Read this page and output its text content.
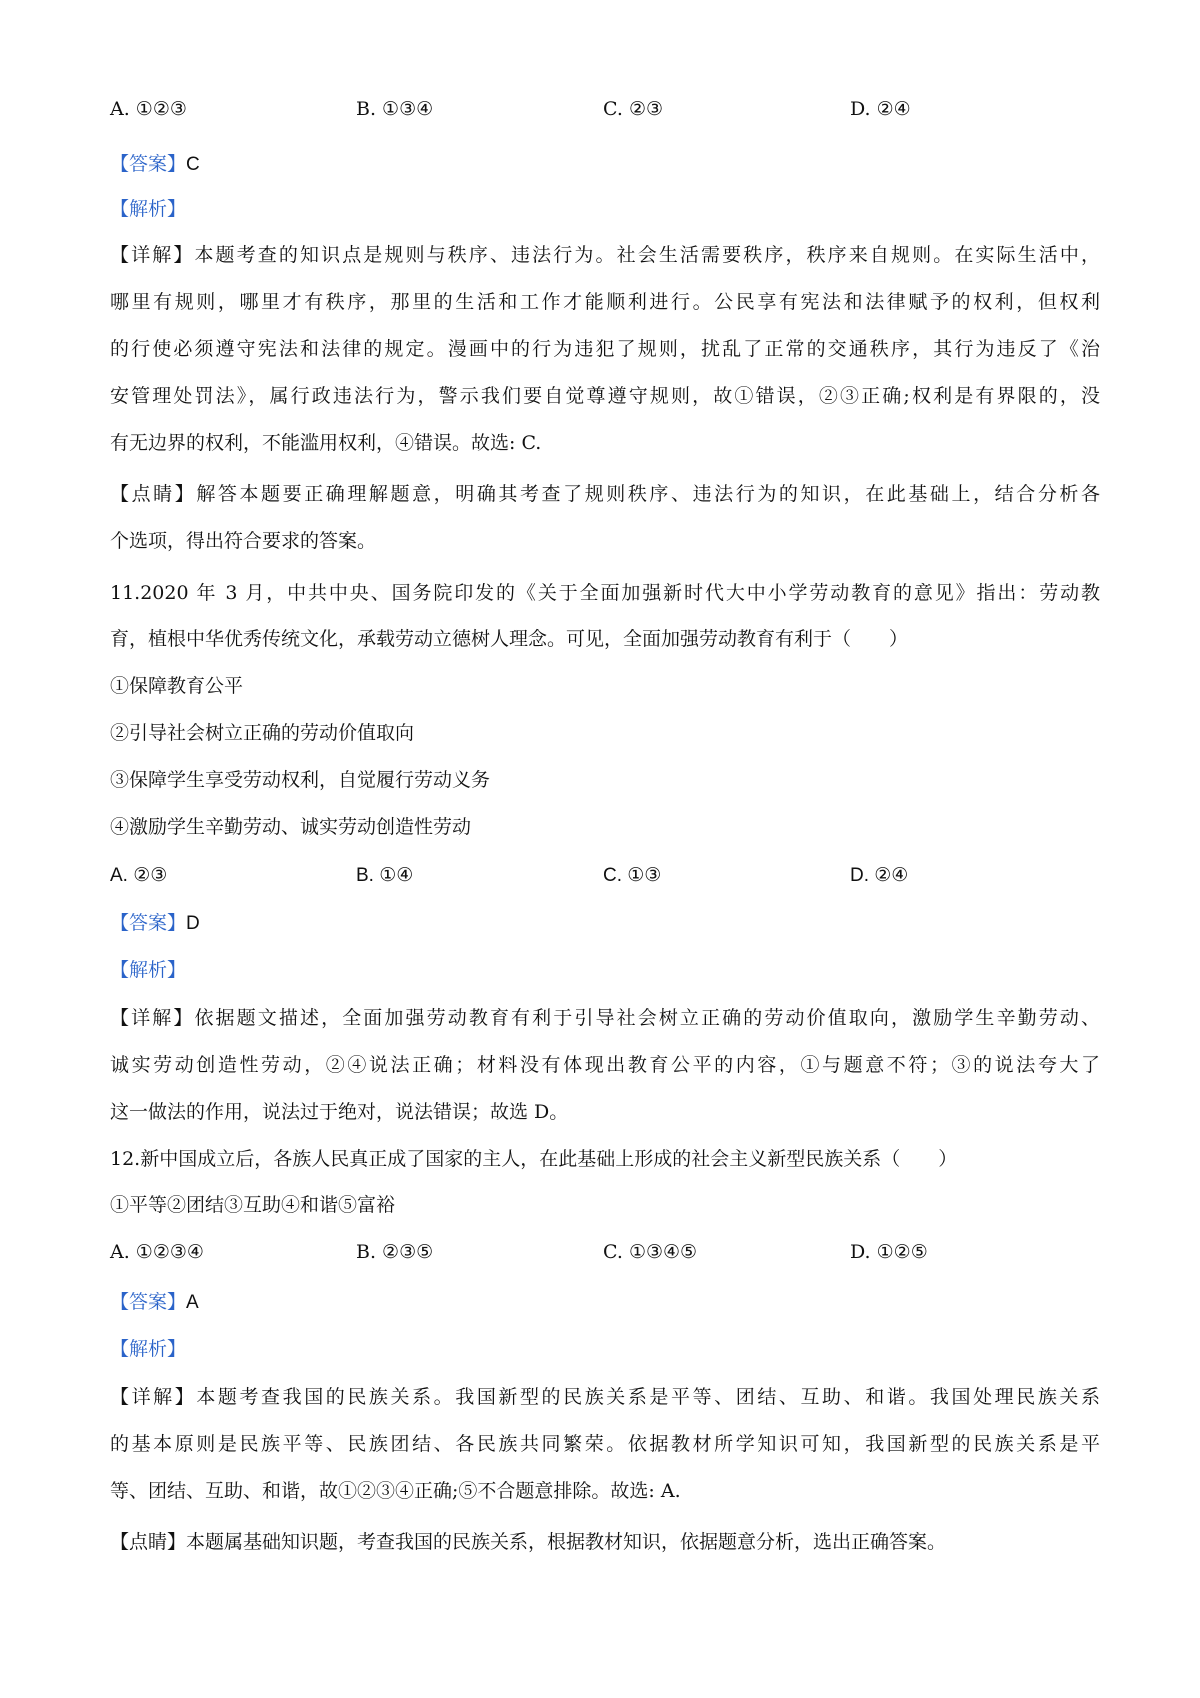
A. ①②③	B. ①③④	C. ②③	D. ②④
【答案】C
【解析】
【详解】本题考查的知识点是规则与秩序、违法行为。社会生活需要秩序，秩序来自规则。在实际生活中，
哪里有规则，哪里才有秩序，那里的生活和工作才能顺利进行。公民享有宪法和法律赋予的权利，但权利
的行使必须遵守宪法和法律的规定。漫画中的行为违犯了规则，扰乱了正常的交通秩序，其行为违反了《治
安管理处罚法》，属行政违法行为，警示我们要自觉尊遵守规则，故①错误，②③正确;权利是有界限的，没
有无边界的权利，不能滥用权利，④错误。故选: C.
【点睛】解答本题要正确理解题意，明确其考查了规则秩序、违法行为的知识，在此基础上，结合分析各
个选项，得出符合要求的答案。
11.2020 年 3 月，中共中央、国务院印发的《关于全面加强新时代大中小学劳动教育的意见》指出：劳动教
育，植根中华优秀传统文化，承载劳动立德树人理念。可见，全面加强劳动教育有利于（　　）
①保障教育公平
②引导社会树立正确的劳动价值取向
③保障学生享受劳动权利，自觉履行劳动义务
④激励学生辛勤劳动、诚实劳动创造性劳动
A. ②③	B. ①④	C. ①③	D. ②④
【答案】D
【解析】
【详解】依据题文描述，全面加强劳动教育有利于引导社会树立正确的劳动价值取向，激励学生辛勤劳动、
诚实劳动创造性劳动，②④说法正确；材料没有体现出教育公平的内容，①与题意不符；③的说法夸大了
这一做法的作用，说法过于绝对，说法错误；故选 D。
12.新中国成立后，各族人民真正成了国家的主人，在此基础上形成的社会主义新型民族关系（　　）
①平等②团结③互助④和谐⑤富裕
A. ①②③④	B. ②③⑤	C. ①③④⑤	D. ①②⑤
【答案】A
【解析】
【详解】本题考查我国的民族关系。我国新型的民族关系是平等、团结、互助、和谐。我国处理民族关系
的基本原则是民族平等、民族团结、各民族共同繁荣。依据教材所学知识可知，我国新型的民族关系是平
等、团结、互助、和谐，故①②③④正确;⑤不合题意排除。故选: A.
【点睛】本题属基础知识题，考查我国的民族关系，根据教材知识，依据题意分析，选出正确答案。
